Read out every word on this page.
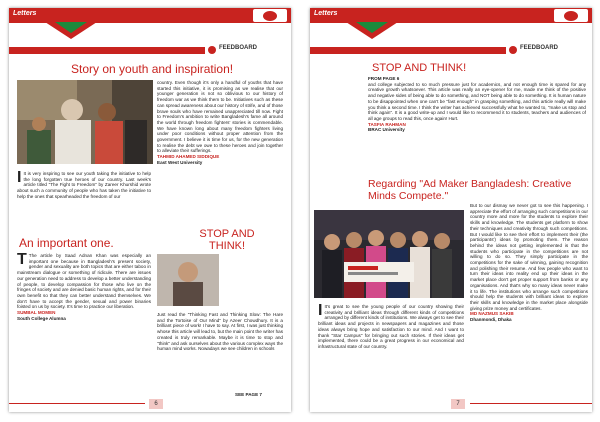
Letters
FEEDBOARD
Story on youth and inspiration!
I It is very inspiring to see our youth taking the initiative to help the long forgotten true heroes of our country. Last week's article titled "The Fight to Freedom" by Zareer Khurshid wrote about such a community of people who has taken the initiative to help the ones that spearheaded the freedom of our
country. Even though it's only a handful of youths that have started this initiative, it is promising as we realise that our younger generation is not so oblivious to our history of freedom war as we think them to be. Initiatives such as these can spread awareness about our history of strife, and of those brave souls who have remained unappreciated till now. Fight to Freedom's ambition to write Bangladesh's fame all around the world through freedom fighters' stories is commendable. We have known long about many freedom fighters living under poor conditions without proper attention from the government. I believe it is time for us, for the new generation to realise the debt we owe to these heroes and join together to alleviate their sufferings.
TAHMID AHAMED SIDDIQUE
East West University
An important one.
T The article by Saad Adnan Khan was especially an important one because in Bangladesh's present society, gender and sexuality are both topics that are either taboo in mainstream dialogue or something of ridicule. There are issues our generation need to address to develop a better understanding of people, to develop compassion for those who live on the fringes of society and are denied basic human rights, and for their own benefit so that they can better understand themselves. We don't have to accept the gender, sexual and power binaries foisted on us by society. It's time to practice our liberation.
SUMBAL MOMEN
South College Alumna
STOP AND THINK!
Just read the "Thinking Fast and Thinking Slow: The Hare and the Tortoise of Our Mind" by Azeer Chowdhury. It is a brilliant piece of work! I have to say. At first, I was just thinking whose this article will lead to, but the main point the writer has created is truly remarkable. Maybe it is time to stop and "think" and ask ourselves about the various complex ways the human mind works. Nowadays we see children in schools
SEE PAGE 7
6
Letters
FEEDBOARD
STOP AND THINK!
FROM PAGE 6
and college subjected to so much pressure just for academics, and not enough time is spared for any creative growth whatsoever. This article was really an eye-opener for me, made me think of the positive and negative sides of being able to do something, and NOT being able to do something. It is human nature to be disappointed when one can't be "fast enough" in grasping something, and this article really will make you think a second time. I think the writer has achieved successfully what he wanted to, "make us stop and think again". It is a good write-up and I would like to recommend it to students, teachers and audiences of all age groups to read this, once again! Hurt.
TASFIA RAHMAN
BRAC University
Regarding "Ad Maker Bangladesh: Creative Minds Compete."
But to our dismay we never got to see this happening. I appreciate the effort of arranging such competitions in our country more and more for the students to explore their skills and knowledge. The students get platform to show their techniques and creativity through such competitions. But I would like to see their effort to implement their (the participants') ideas by promoting them. The reason behind the ideas not getting implemented is that the students who participate in the competitions are not willing to do so. They simply participate in the competitions for the sake of winning, gaining recognition and polishing their resume. And few people who want to turn their ideas into reality end up their ideas in the market place don't get proper support from banks or any organisations. And that's why so many ideas never make it to life. The institutions who arrange such competitions should help the students with brilliant ideas to explore their skills and knowledge in the market place alongside giving prize money and certificates.
MD NAZMUS SAKIB
Dhanmondi, Dhaka
I It's great to see the young people of our country showing their creativity and brilliant ideas through different kinds of competitions arranged by different kinds of institutions. We always get to see their brilliant ideas and projects in newspapers and magazines and those ideas always bring hope and satisfaction to our mind. And I want to thank "Star Campus" for bringing out such stories. If their ideas get implemented, there could be a great progress in our economical and infrastructural state of our country.
7
